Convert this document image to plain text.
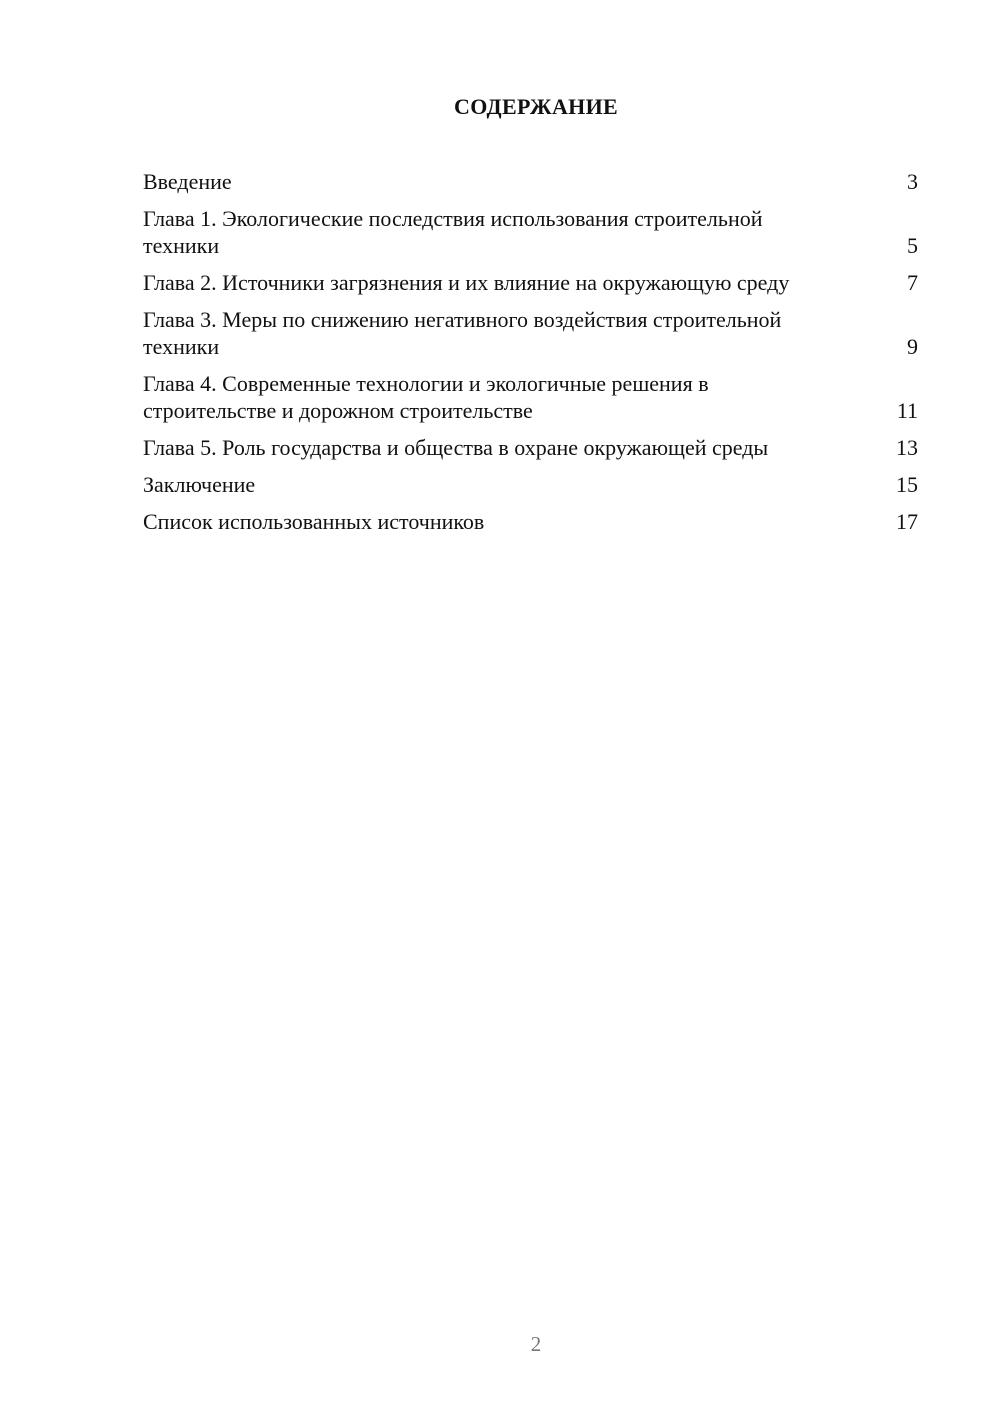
СОДЕРЖАНИЕ
Введение	3
Глава 1. Экологические последствия использования строительной техники	5
Глава 2. Источники загрязнения и их влияние на окружающую среду	7
Глава 3. Меры по снижению негативного воздействия строительной техники	9
Глава 4. Современные технологии и экологичные решения в строительстве и дорожном строительстве	11
Глава 5. Роль государства и общества в охране окружающей среды	13
Заключение	15
Список использованных источников	17
2
